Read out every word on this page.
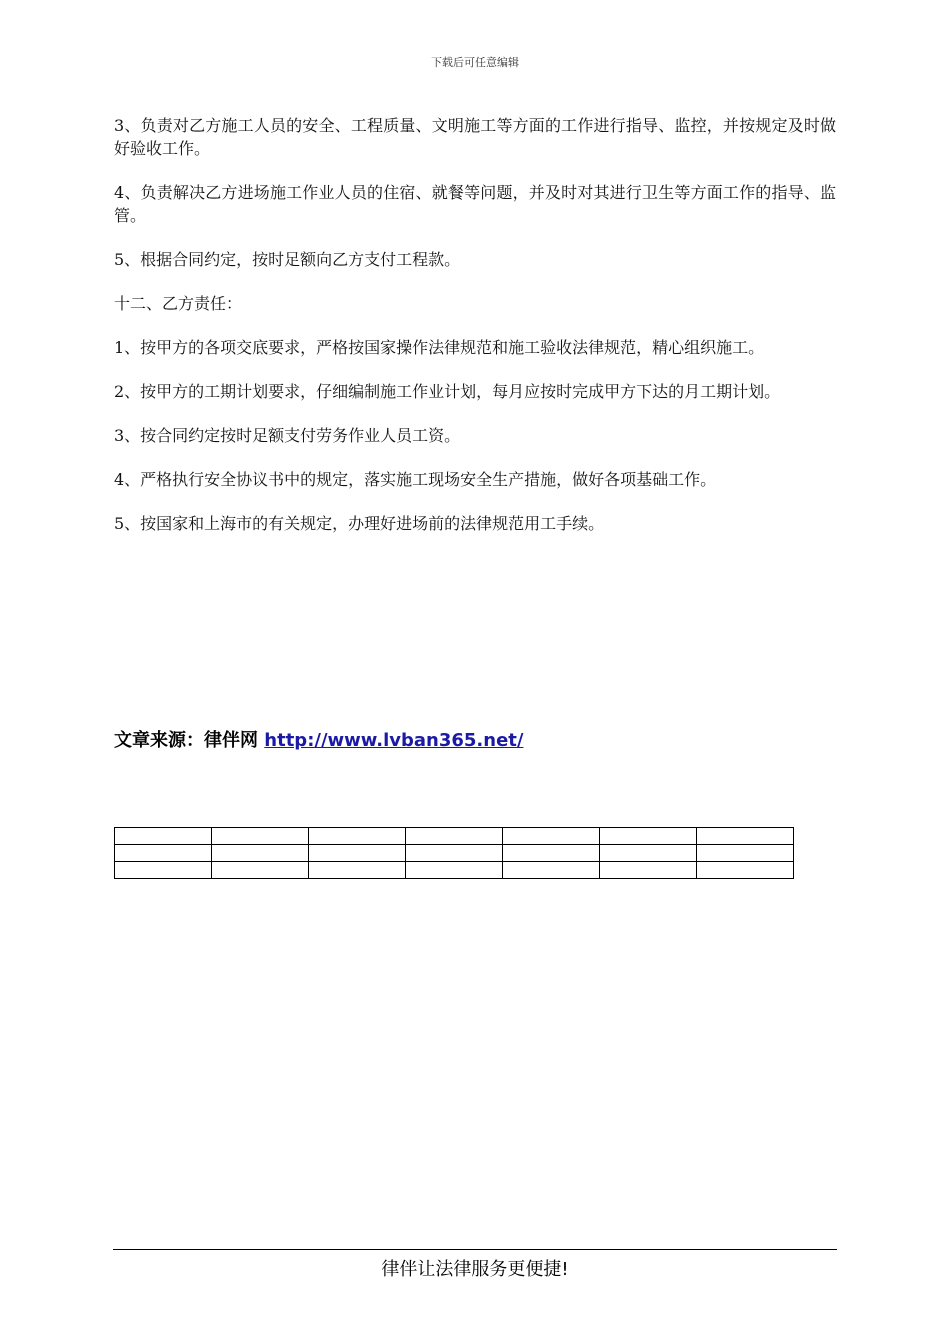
下载后可任意编辑

3、负责对乙方施工人员的安全、工程质量、文明施工等方面的工作进行指导、监控，并按规定及时做好验收工作。

4、负责解决乙方进场施工作业人员的住宿、就餐等问题，并及时对其进行卫生等方面工作的指导、监管。

5、根据合同约定，按时足额向乙方支付工程款。

十二、乙方责任：

1、按甲方的各项交底要求，严格按国家操作法律规范和施工验收法律规范，精心组织施工。

2、按甲方的工期计划要求，仔细编制施工作业计划，每月应按时完成甲方下达的月工期计划。

3、按合同约定按时足额支付劳务作业人员工资。

4、严格执行安全协议书中的规定，落实施工现场安全生产措施，做好各项基础工作。

5、按国家和上海市的有关规定，办理好进场前的法律规范用工手续。

文章来源：律伴网 http://www.lvban365.net/

律伴让法律服务更便捷!
